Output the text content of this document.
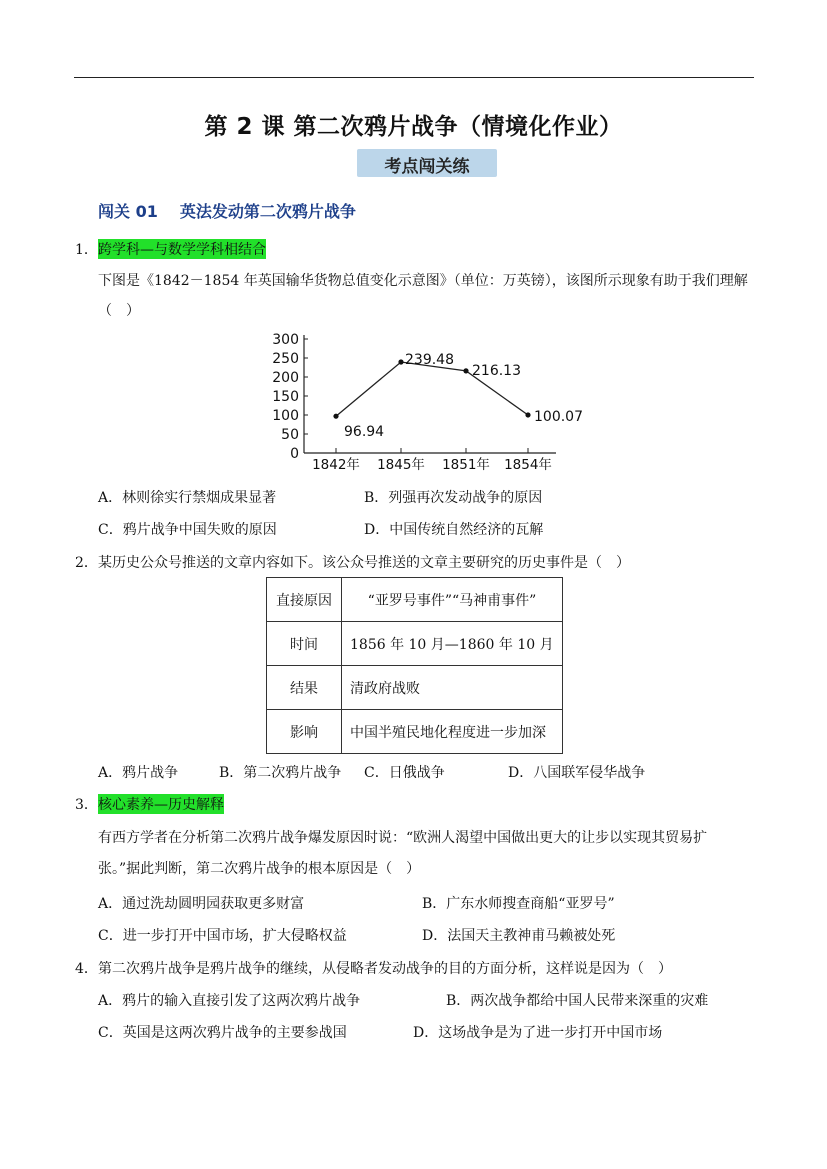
第 2 课 第二次鸦片战争（情境化作业）
考点闯关练
闯关 01 英法发动第二次鸦片战争
1． 跨学科—与数学学科相结合
下图是《1842－1854 年英国输华货物总值变化示意图》（单位：万英镑），该图所示现象有助于我们理解
（　）
0
50
100
150
200
250
300
1842年 1845年 1851年 1854年
96.94
239.48
216.13
100.07
A．林则徐实行禁烟成果显著	B．列强再次发动战争的原因
C．鸦片战争中国失败的原因	D．中国传统自然经济的瓦解
2． 某历史公众号推送的文章内容如下。该公众号推送的文章主要研究的历史事件是（　）
直接原因	“亚罗号事件”“马神甫事件”
时间	1856 年 10 月—1860 年 10 月
结果	清政府战败
影响	中国半殖民地化程度进一步加深
A．鸦片战争	B．第二次鸦片战争 C．日俄战争	D．八国联军侵华战争
3． 核心素养—历史解释
有西方学者在分析第二次鸦片战争爆发原因时说：“欧洲人渴望中国做出更大的让步以实现其贸易扩
张。”据此判断，第二次鸦片战争的根本原因是（　）
A．通过洗劫圆明园获取更多财富	B．广东水师搜查商船“亚罗号”
C．进一步打开中国市场，扩大侵略权益	D．法国天主教神甫马赖被处死
4． 第二次鸦片战争是鸦片战争的继续，从侵略者发动战争的目的方面分析，这样说是因为（　）
A．鸦片的输入直接引发了这两次鸦片战争	B．两次战争都给中国人民带来深重的灾难
C．英国是这两次鸦片战争的主要参战国	D．这场战争是为了进一步打开中国市场
